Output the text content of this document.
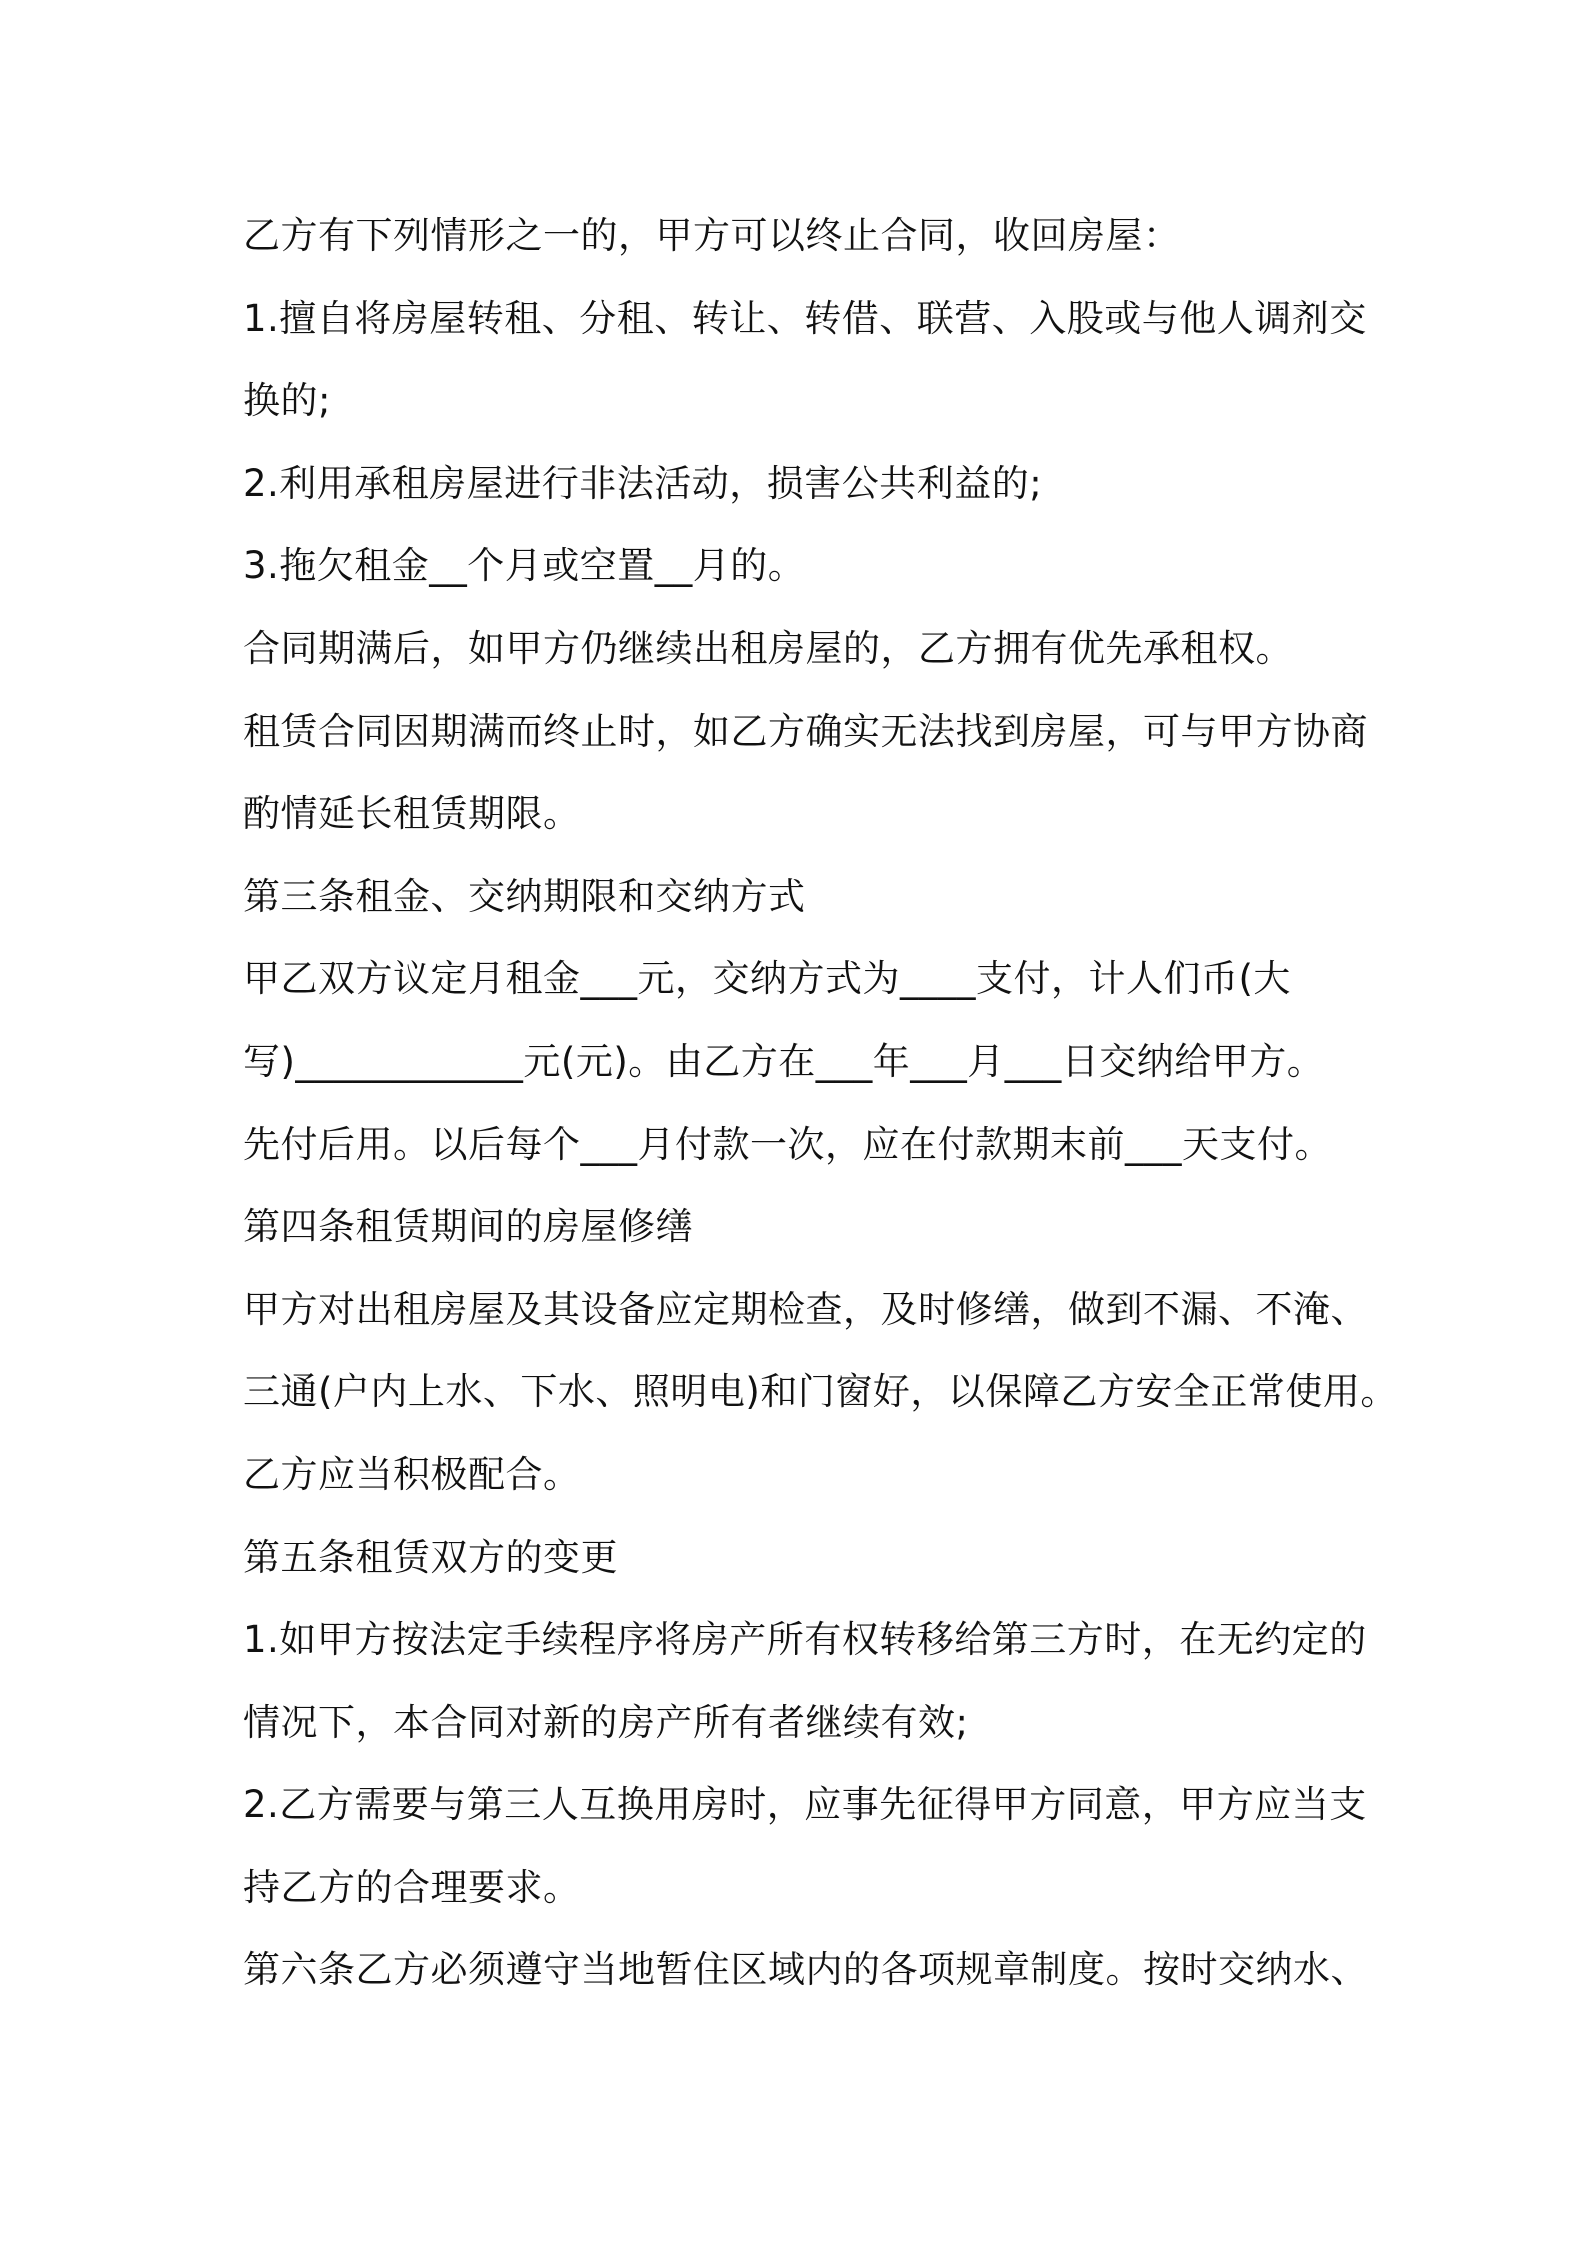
乙方有下列情形之一的，甲方可以终止合同，收回房屋：
1.擅自将房屋转租、分租、转让、转借、联营、入股或与他人调剂交
换的;
2.利用承租房屋进行非法活动，损害公共利益的;
3.拖欠租金__个月或空置__月的。
合同期满后，如甲方仍继续出租房屋的，乙方拥有优先承租权。
租赁合同因期满而终止时，如乙方确实无法找到房屋，可与甲方协商
酌情延长租赁期限。
第三条租金、交纳期限和交纳方式
甲乙双方议定月租金___元，交纳方式为____支付，计人们币(大
写)____________元(元)。由乙方在___年___月___日交纳给甲方。
先付后用。以后每个___月付款一次，应在付款期末前___天支付。
第四条租赁期间的房屋修缮
甲方对出租房屋及其设备应定期检查，及时修缮，做到不漏、不淹、
三通(户内上水、下水、照明电)和门窗好，以保障乙方安全正常使用。
乙方应当积极配合。
第五条租赁双方的变更
1.如甲方按法定手续程序将房产所有权转移给第三方时，在无约定的
情况下，本合同对新的房产所有者继续有效;
2.乙方需要与第三人互换用房时，应事先征得甲方同意，甲方应当支
持乙方的合理要求。
第六条乙方必须遵守当地暂住区域内的各项规章制度。按时交纳水、
